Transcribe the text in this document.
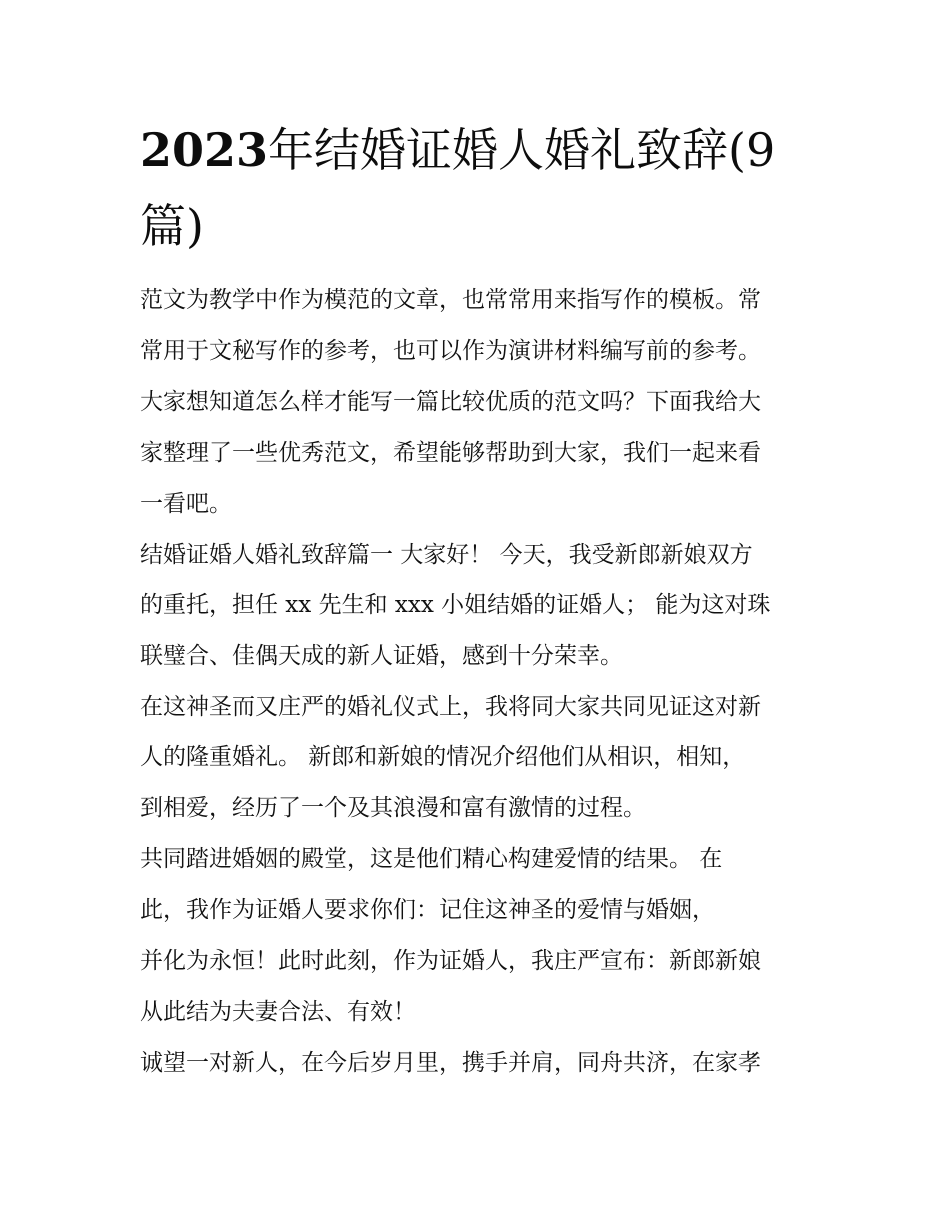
2023年结婚证婚人婚礼致辞(9
篇)

范文为教学中作为模范的文章，也常常用来指写作的模板。常

常用于文秘写作的参考，也可以作为演讲材料编写前的参考。

大家想知道怎么样才能写一篇比较优质的范文吗？下面我给大

家整理了一些优秀范文，希望能够帮助到大家，我们一起来看

一看吧。

结婚证婚人婚礼致辞篇一 大家好！ 今天，我受新郎新娘双方

的重托，担任 xx 先生和 xxx 小姐结婚的证婚人； 能为这对珠

联璧合、佳偶天成的新人证婚，感到十分荣幸。

在这神圣而又庄严的婚礼仪式上，我将同大家共同见证这对新

人的隆重婚礼。 新郎和新娘的情况介绍他们从相识，相知，

到相爱，经历了一个及其浪漫和富有激情的过程。

共同踏进婚姻的殿堂，这是他们精心构建爱情的结果。 在

此，我作为证婚人要求你们：记住这神圣的爱情与婚姻，

并化为永恒！此时此刻，作为证婚人，我庄严宣布：新郎新娘

从此结为夫妻合法、有效！

诚望一对新人，在今后岁月里，携手并肩，同舟共济，在家孝
